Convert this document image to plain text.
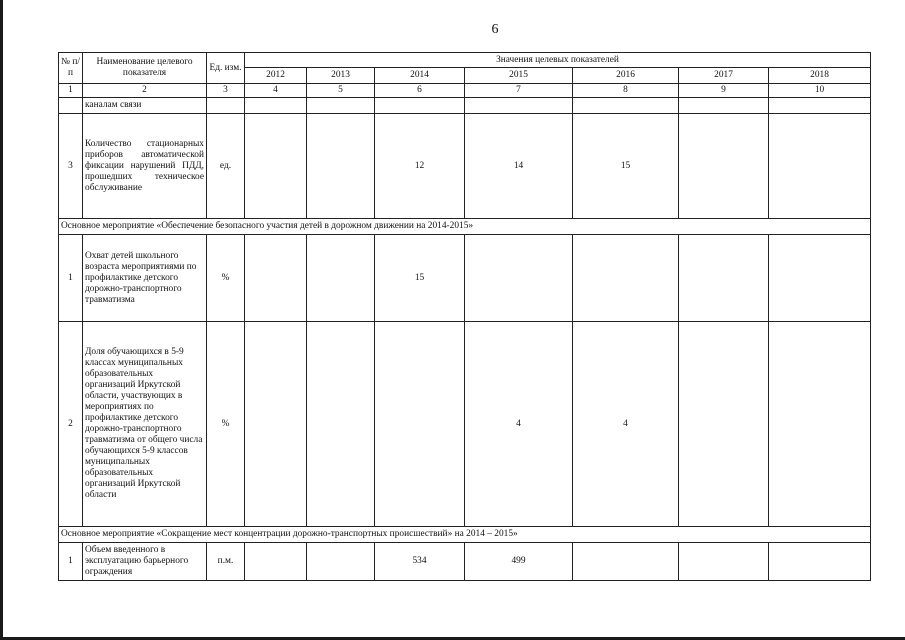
6
№ п/п	Наименование целевого показателя	Ед. изм.	Значения целевых показателей						
			2012	2013	2014	2015	2016	2017	2018
1	2	3	4	5	6	7	8	9	10
	каналам связи								
3	Количество стационарных приборов автоматической фиксации нарушений ПДД, прошедших техническое обслуживание	ед.			12	14	15		
Основное мероприятие «Обеспечение безопасного участия детей в дорожном движении на 2014-2015»									
1	Охват детей школьного возраста мероприятиями по профилактике детского дорожно-транспортного травматизма	%			15				
2	Доля обучающихся в 5-9 классах муниципальных образовательных организаций Иркутской области, участвующих в мероприятиях по профилактике детского дорожно-транспортного травматизма от общего числа обучающихся 5-9 классов муниципальных образовательных организаций Иркутской области	%				4	4		
Основное мероприятие «Сокращение мест концентрации дорожно-транспортных происшествий» на 2014 – 2015»									
1	Объем введенного в эксплуатацию барьерного ограждения	п.м.			534	499			
